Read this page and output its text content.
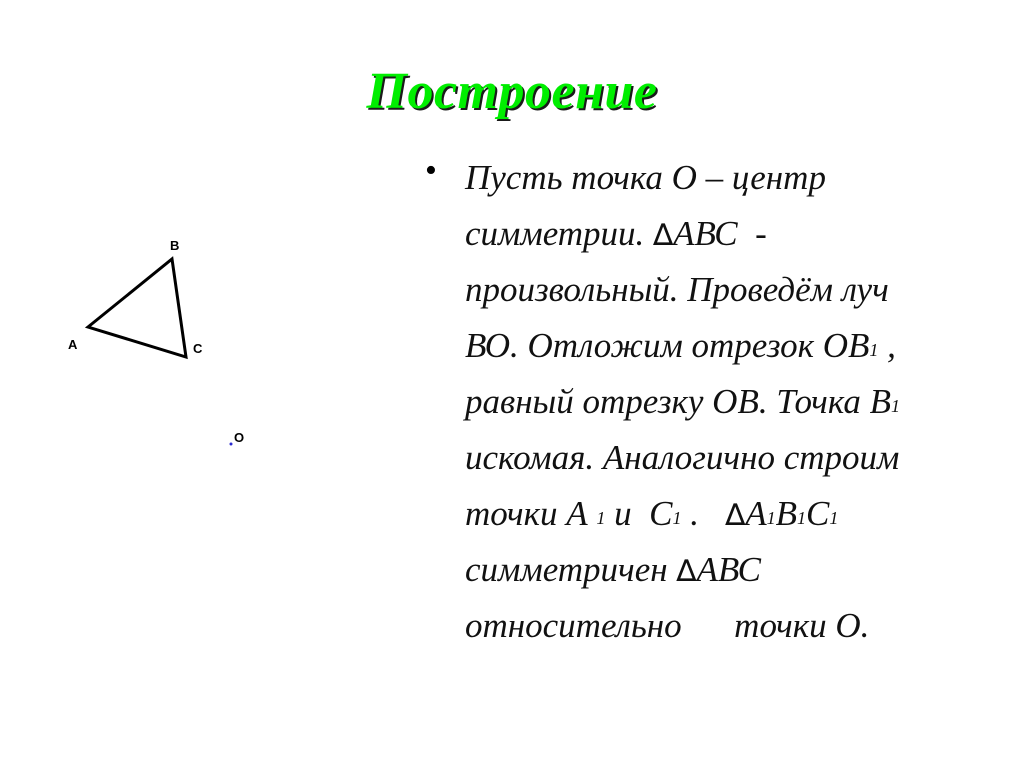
Построение
A
B
C
O
• Пусть точка О – центр
симметрии. ∆АВС -
произвольный. Проведём луч
ВО. Отложим отрезок $ОВ_1$ ,
равный отрезку ОВ. Точка $В_1$
искомая. Аналогично строим
точки А $_1$ и $С_1$ . $\Delta А_1В_1С_1$
симметричен ∆АВС
относительно точки О.
